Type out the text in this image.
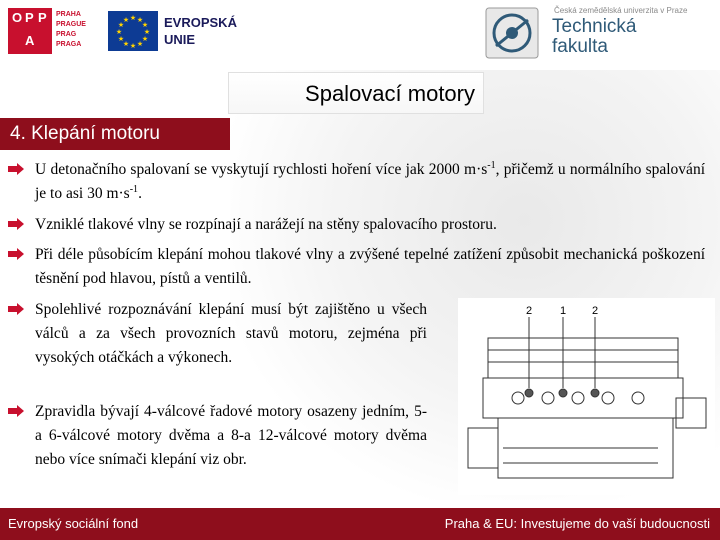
O P P
A
PRAHA
PRAGUE
PRAG
PRAGA
★ ★
★
★
★
★
★
★
★
★
★
★	EVROPSKÁ
UNIE
Česká zemědělská univerzita v Praze
Technická
fakulta
Spalovací motory
4. Klepání motoru
U detonačního spalovaní se vyskytují rychlosti hoření více jak 2000 $m\cdot s^{-1}$, přičemž u normálního spalování je to asi 30 $m\cdot s^{-1}$.
Vzniklé tlakové vlny se rozpínají a narážejí na stěny spalovacího prostoru.
Při déle působícím klepání mohou tlakové vlny a zvýšené tepelné zatížení způsobit mechanická poškození těsnění pod hlavou, pístů a ventilů.
Spolehlivé rozpoznávání klepání musí být zajištěno u všech válců a za všech provozních stavů motoru, zejména při vysokých otáčkách a výkonech.
Zpravidla bývají 4-válcové řadové motory osazeny jedním, 5- a 6-válcové motory dvěma a 8-a 12-válcové motory dvěma nebo více snímači klepání viz obr.
2	1 2
Evropský sociální fond	Praha & EU: Investujeme do vaší budoucnosti
